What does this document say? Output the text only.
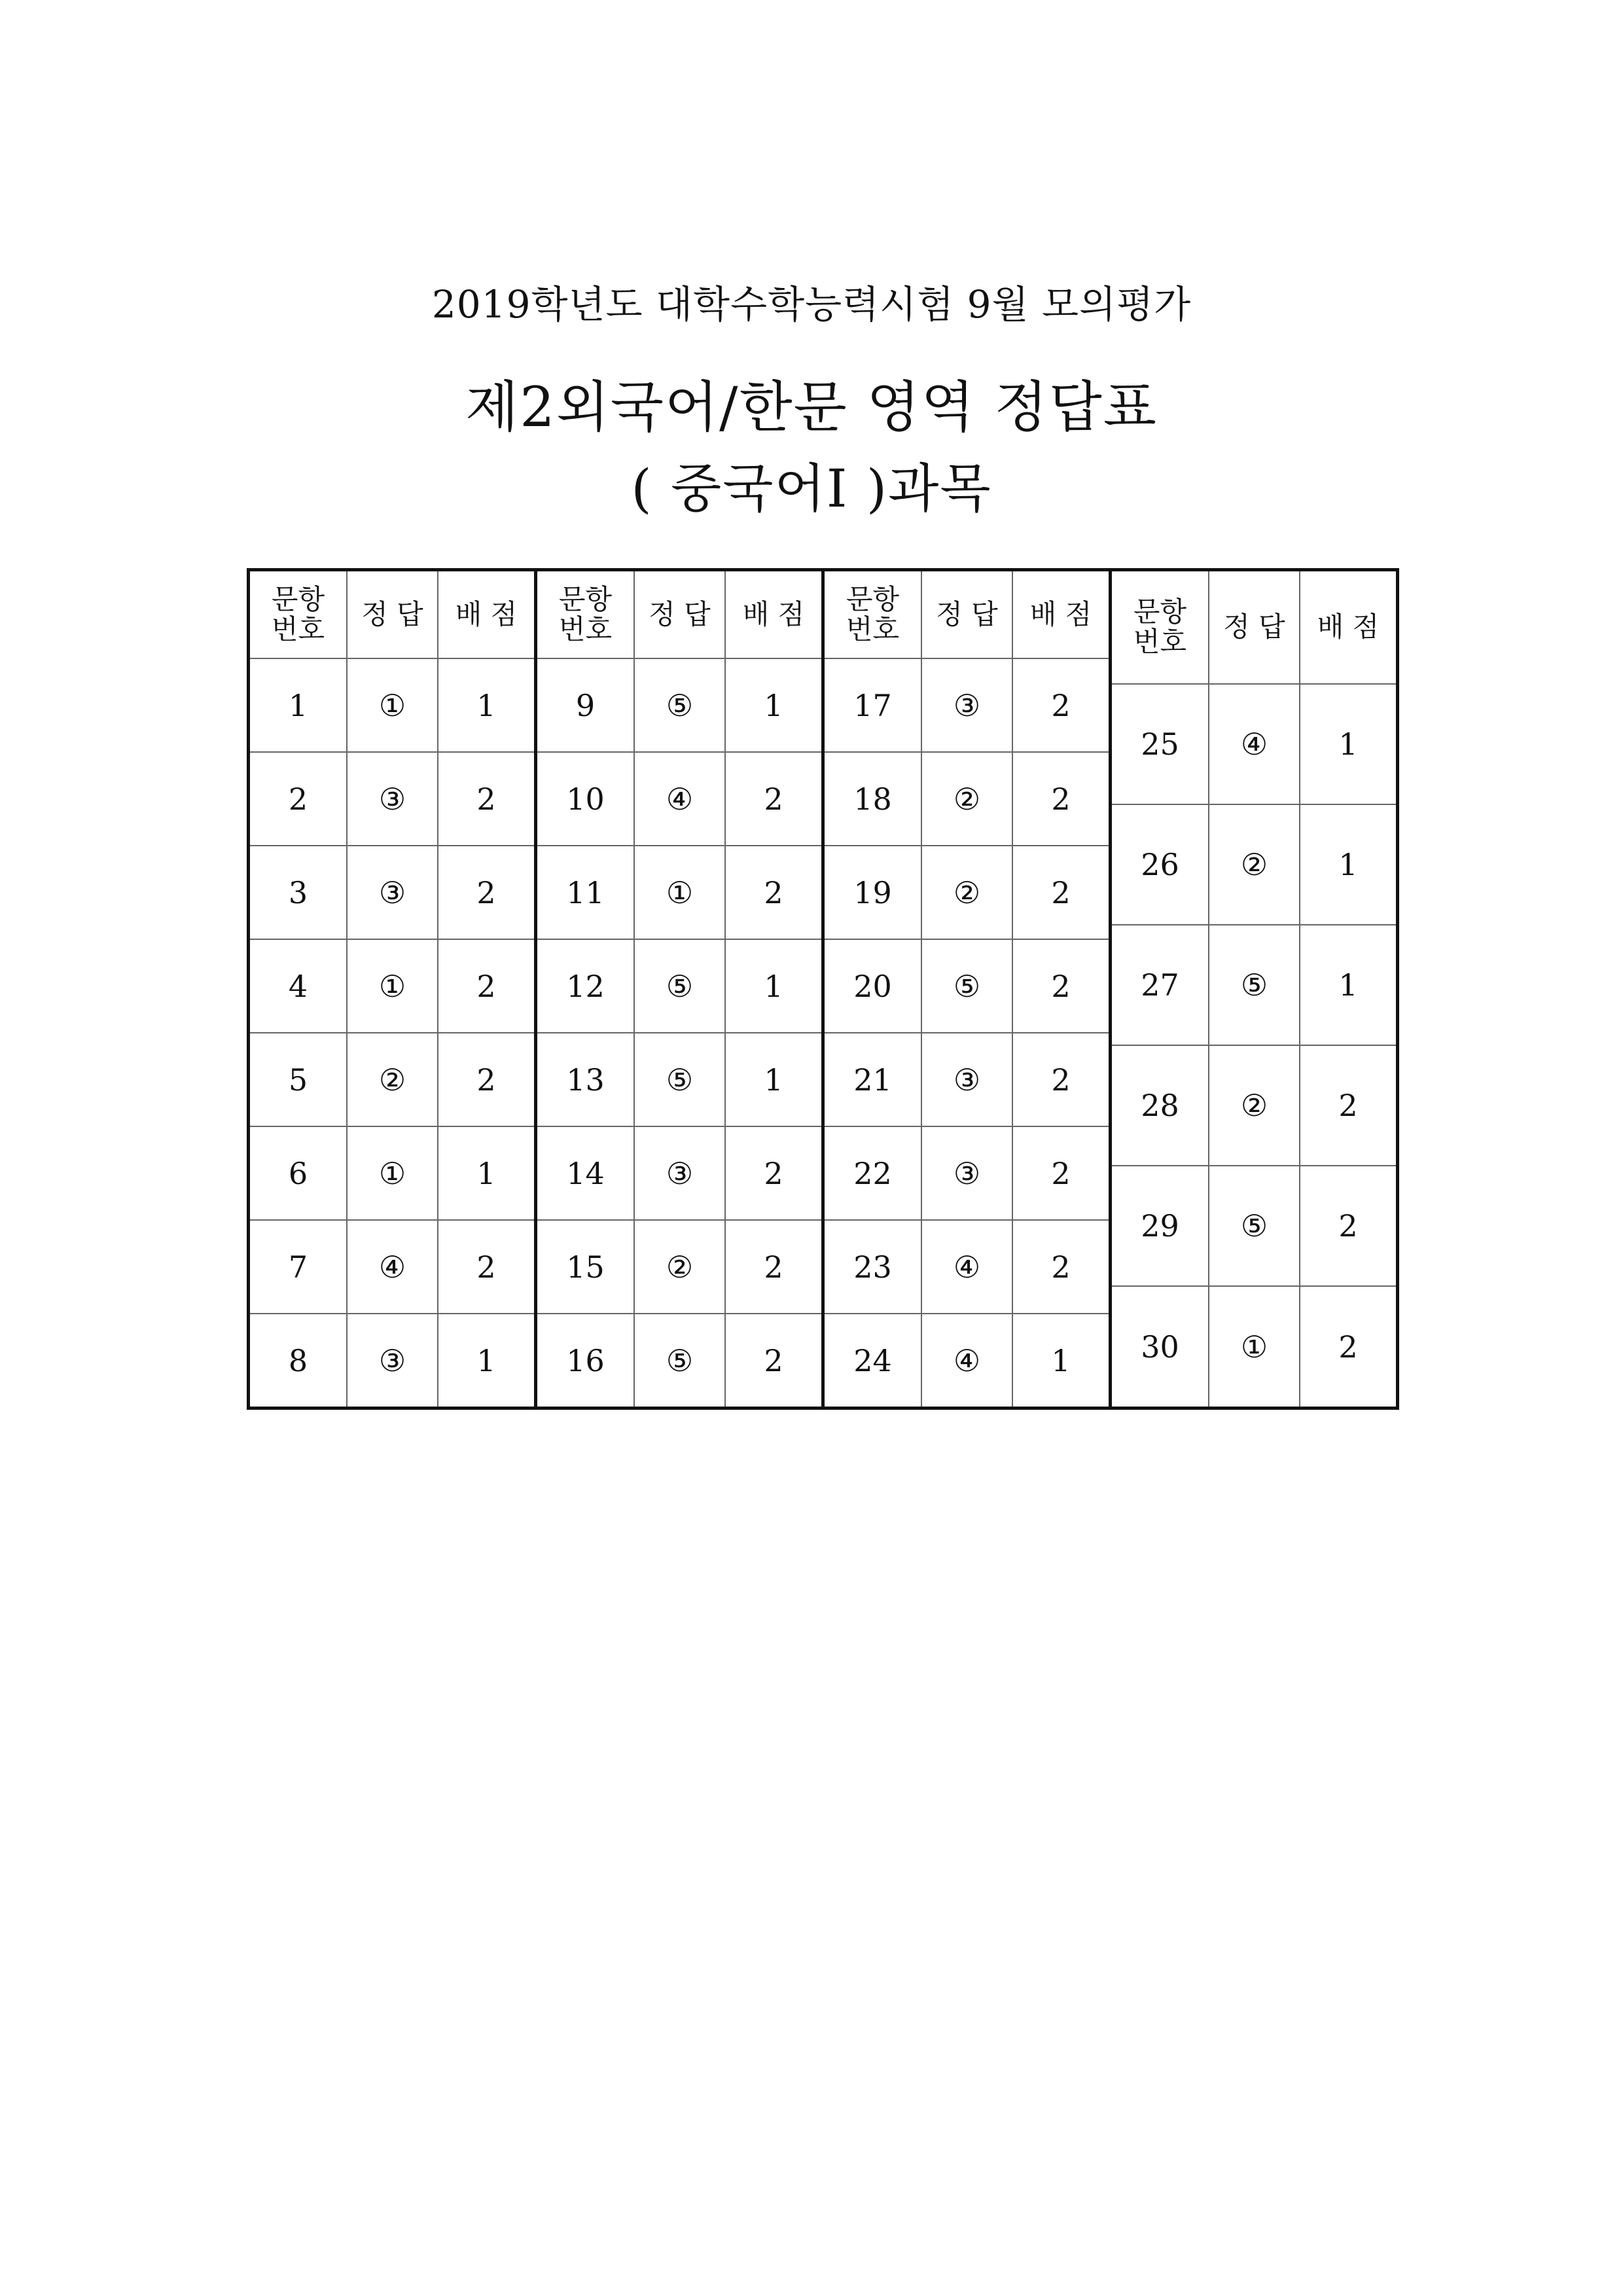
2019학년도 대학수학능력시험 9월 모의평가
제2외국어/한문 영역 정답표
( 중국어Ⅰ )과목
문항
번호	정 답	배 점
1	①	1
2	③	2
3	③	2
4	①	2
5	②	2
6	①	1
7	④	2
8	③	1
문항
번호	정 답	배 점
9	⑤	1
10	④	2
11	①	2
12	⑤	1
13	⑤	1
14	③	2
15	②	2
16	⑤	2
문항
번호	정 답	배 점
17	③	2
18	②	2
19	②	2
20	⑤	2
21	③	2
22	③	2
23	④	2
24	④	1
문항
번호	정 답	배 점
25	④	1
26	②	1
27	⑤	1
28	②	2
29	⑤	2
30	①	2
